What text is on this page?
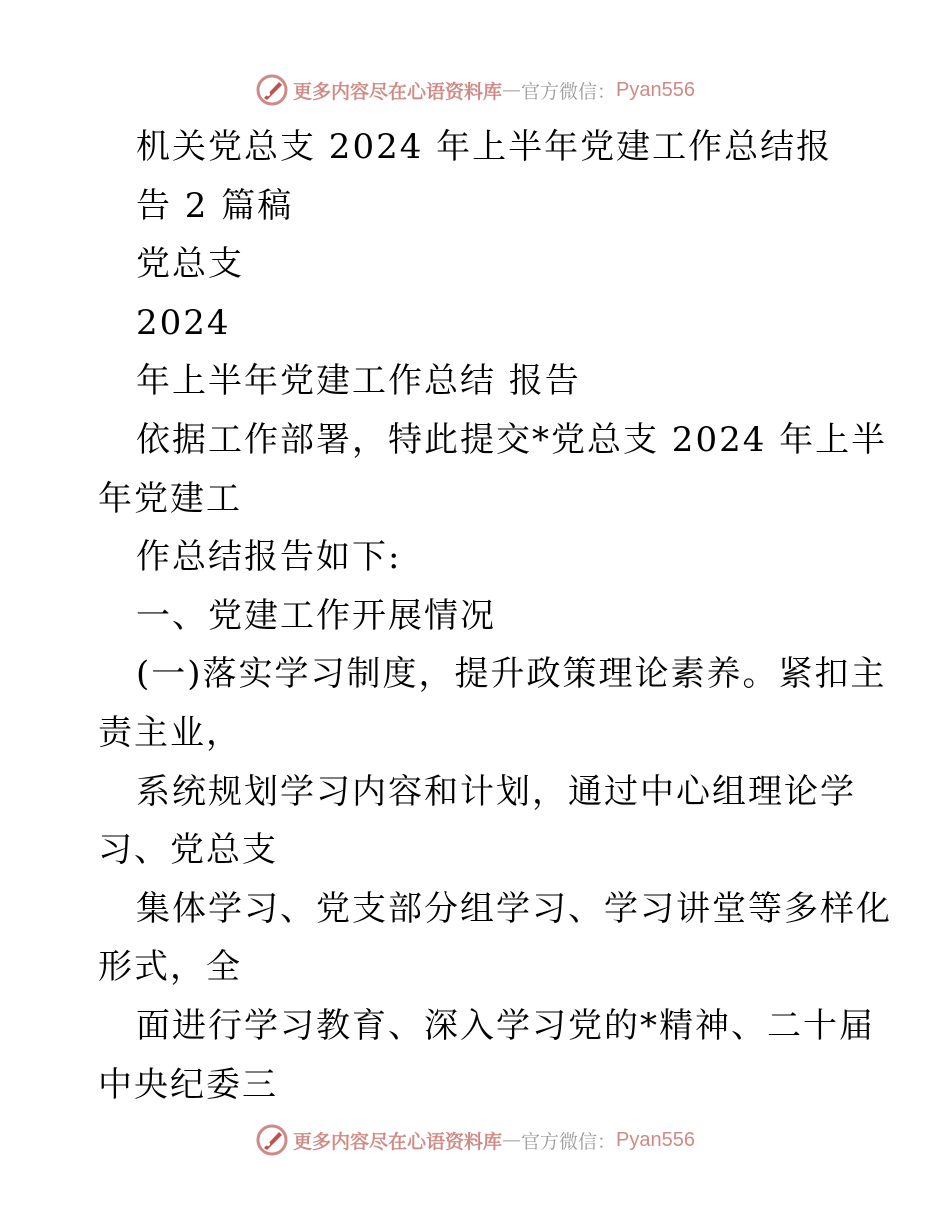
更多内容尽在心语资料库 — 官方微信： Pyan556
机关党总支 2024 年上半年党建工作总结报
告 2 篇稿
党总支
2024
年上半年党建工作总结 报告
依据工作部署，特此提交*党总支 2024 年上半
年党建工
作总结报告如下:
一、党建工作开展情况
(一)落实学习制度，提升政策理论素养。紧扣主
责主业，
系统规划学习内容和计划，通过中心组理论学
习、党总支
集体学习、党支部分组学习、学习讲堂等多样化
形式，全
面进行学习教育、深入学习党的*精神、二十届
中央纪委三
更多内容尽在心语资料库 — 官方微信： Pyan556
